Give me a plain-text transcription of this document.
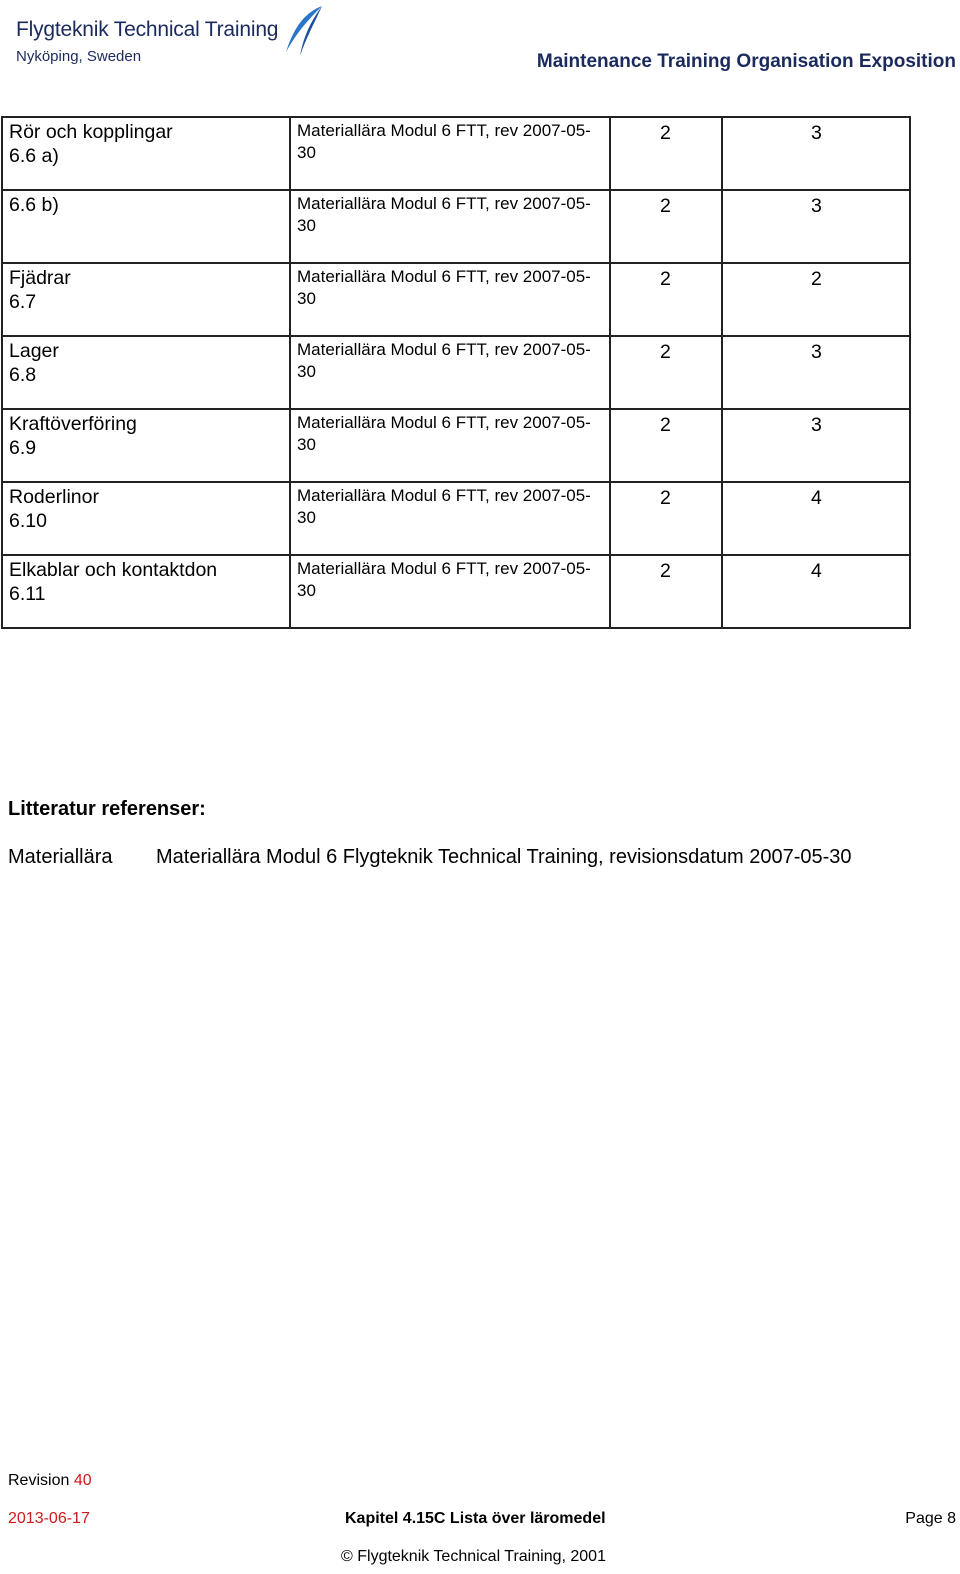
Flygteknik Technical Training
Nyköping, Sweden	Maintenance Training Organisation Exposition
Rör och kopplingar
6.6 a)	Materiallära Modul 6 FTT, rev 2007-05-30	2	3

6.6 b)	Materiallära Modul 6 FTT, rev 2007-05-30	2	3

Fjädrar
6.7	Materiallära Modul 6 FTT, rev 2007-05-30	2	2

Lager
6.8	Materiallära Modul 6 FTT, rev 2007-05-30	2	3

Kraftöverföring
6.9	Materiallära Modul 6 FTT, rev 2007-05-30	2	3

Roderlinor
6.10	Materiallära Modul 6 FTT, rev 2007-05-30	2	4

Elkablar och kontaktdon
6.11	Materiallära Modul 6 FTT, rev 2007-05-30	2	4
Litteratur referenser:
Materiallära Materiallära Modul 6 Flygteknik Technical Training, revisionsdatum 2007-05-30
Revision 40
2013-06-17	Kapitel 4.15C Lista över läromedel	Page 8
© Flygteknik Technical Training, 2001
